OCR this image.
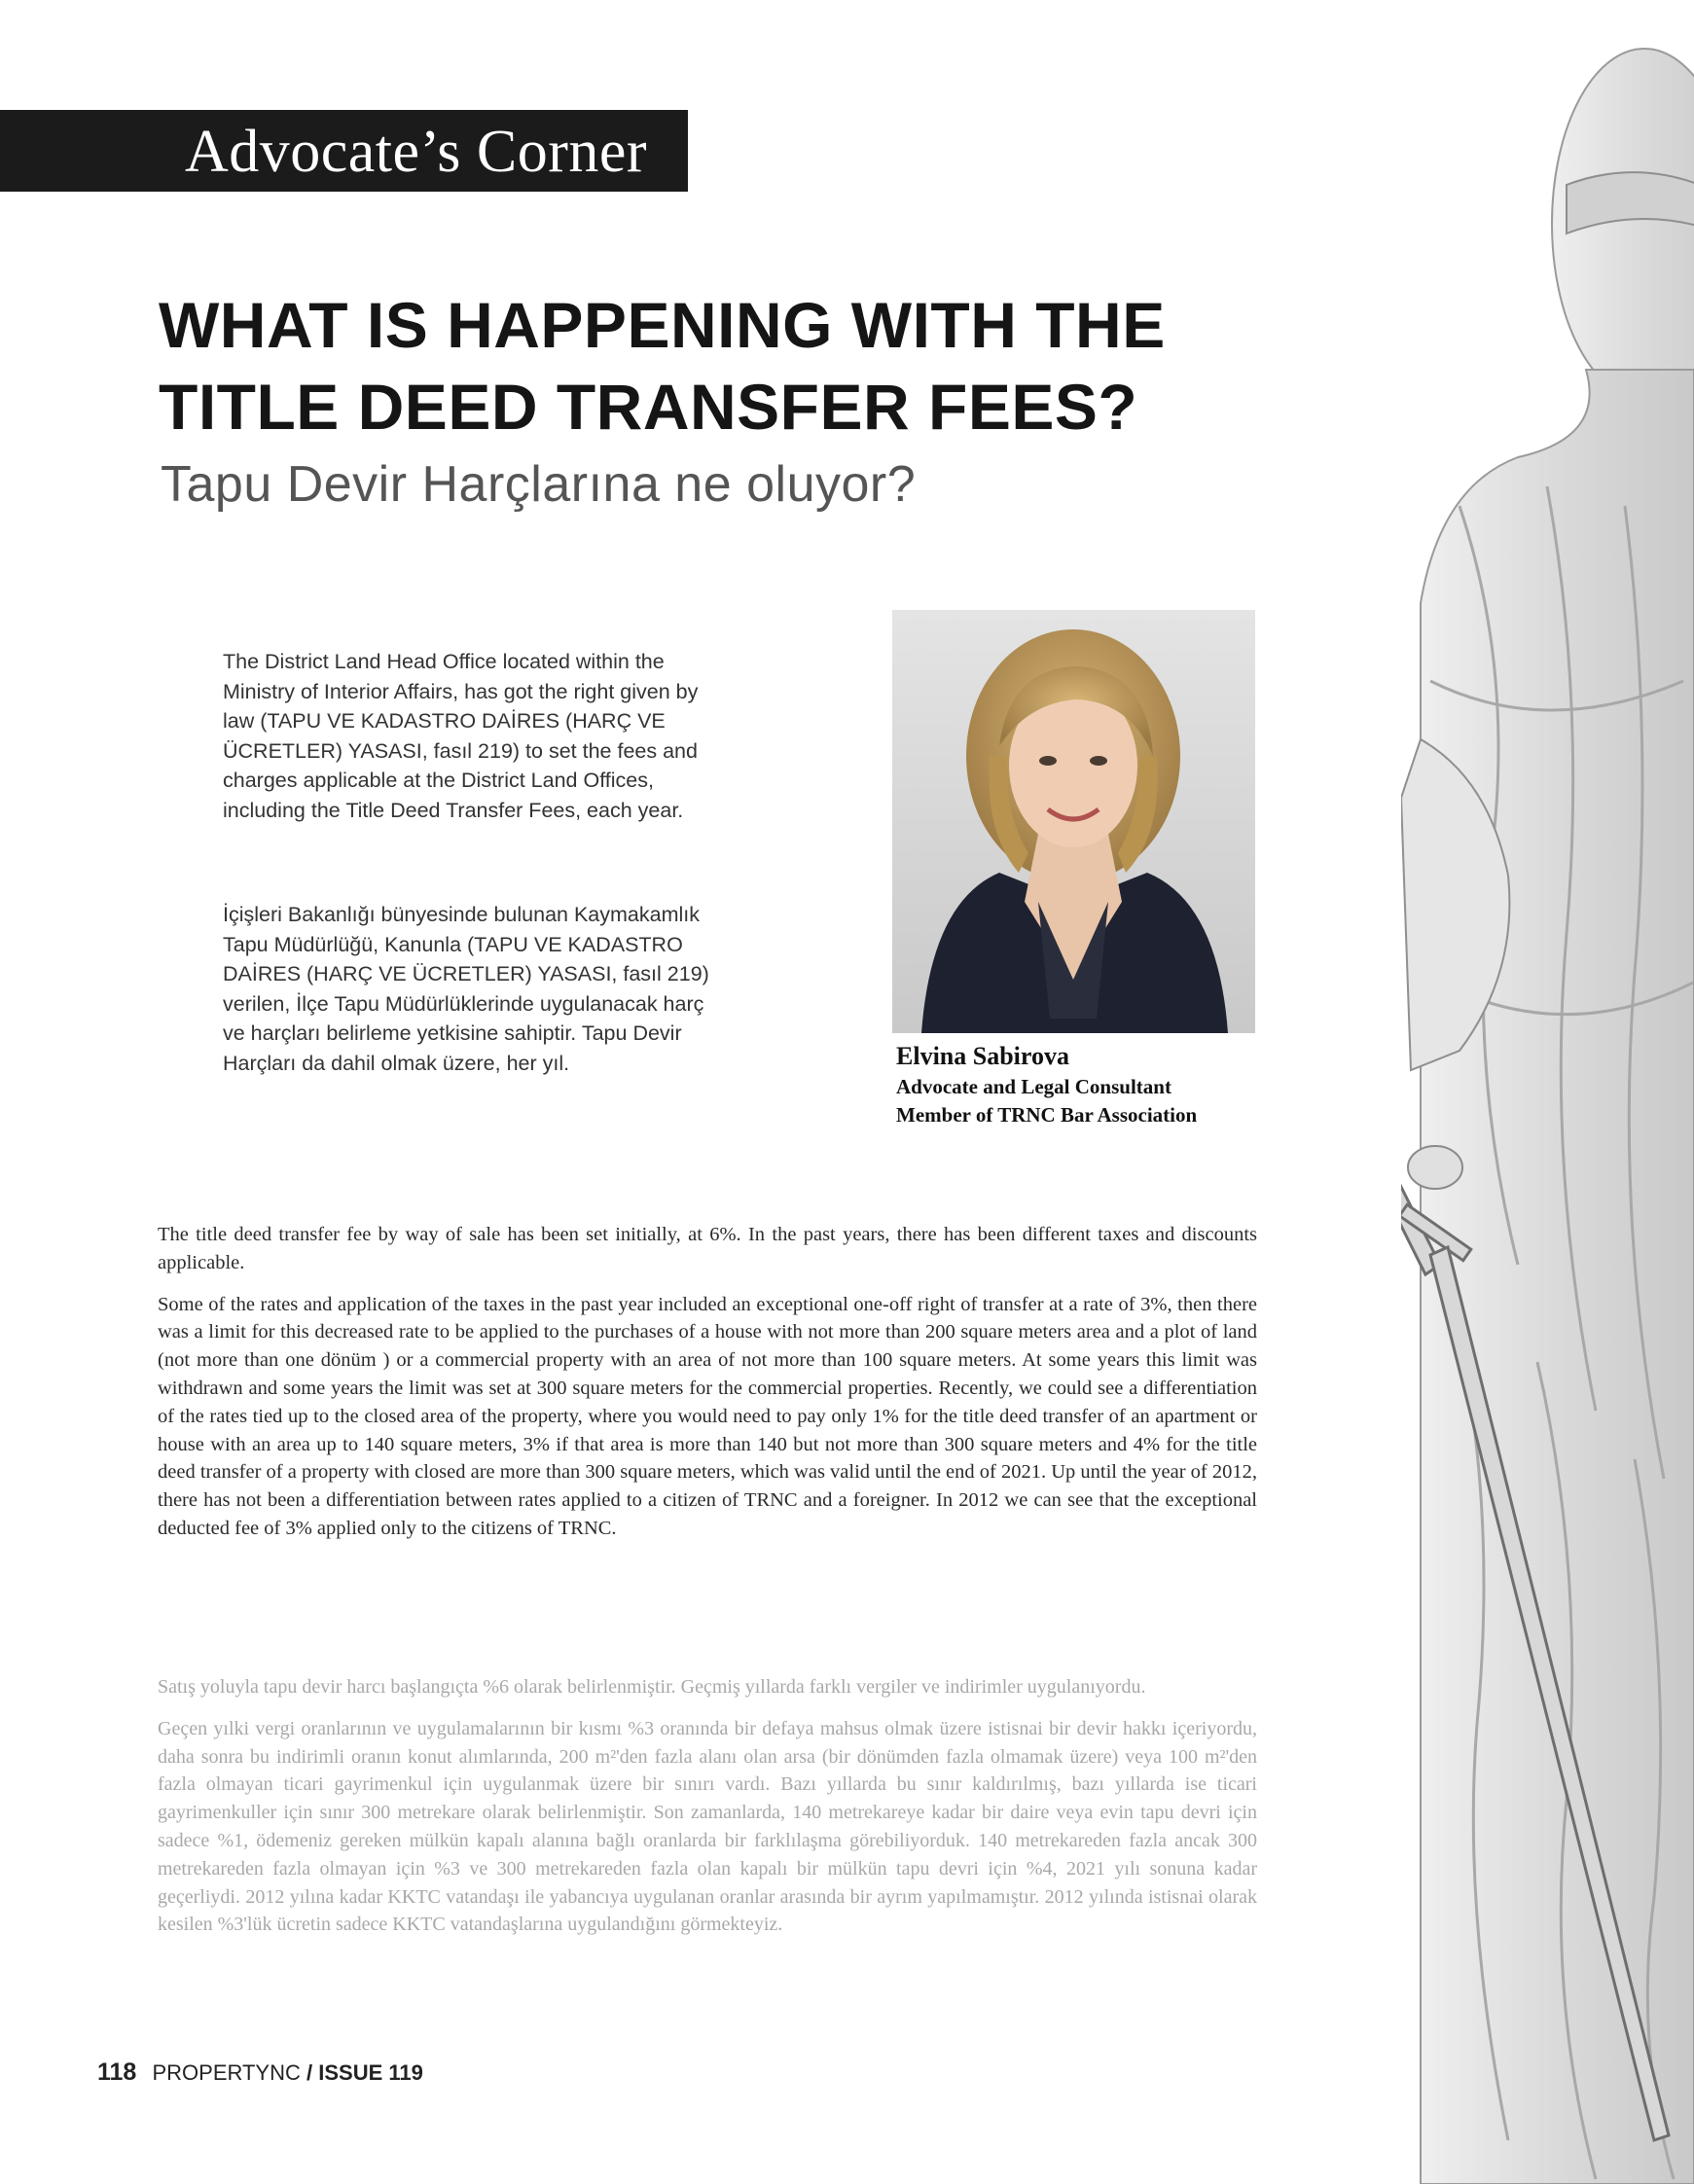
Advocate’s Corner
WHAT IS HAPPENING WITH THE
TITLE DEED TRANSFER FEES?
Tapu Devir Harçlarına ne oluyor?

The District Land Head Office located within the Ministry of Interior Affairs, has got the right given by law (TAPU VE KADASTRO DAİRES (HARÇ VE ÜCRETLER) YASASI, fasıl 219) to set the fees and charges applicable at the District Land Offices, including the Title Deed Transfer Fees, each year.

İçişleri Bakanlığı bünyesinde bulunan Kaymakamlık Tapu Müdürlüğü, Kanunla (TAPU VE KADASTRO DAİRES (HARÇ VE ÜCRETLER) YASASI, fasıl 219) verilen, İlçe Tapu Müdürlüklerinde uygulanacak harç ve harçları belirleme yetkisine sahiptir. Tapu Devir Harçları da dahil olmak üzere, her yıl.	Elvina Sabirova
Advocate and Legal Consultant
Member of TRNC Bar Association

The title deed transfer fee by way of sale has been set initially, at 6%. In the past years, there has been different taxes and discounts applicable.

Some of the rates and application of the taxes in the past year included an exceptional one-off right of transfer at a rate of 3%, then there was a limit for this decreased rate to be applied to the purchases of a house with not more than 200 square meters area and a plot of land (not more than one dönüm ) or a commercial property with an area of not more than 100 square meters. At some years this limit was withdrawn and some years the limit was set at 300 square meters for the commercial properties. Recently, we could see a differentiation of the rates tied up to the closed area of the property, where you would need to pay only 1% for the title deed transfer of an apartment or house with an area up to 140 square meters, 3% if that area is more than 140 but not more than 300 square meters and 4% for the title deed transfer of a property with closed are more than 300 square meters, which was valid until the end of 2021. Up until the year of 2012, there has not been a differentiation between rates applied to a citizen of TRNC and a foreigner. In 2012 we can see that the exceptional deducted fee of 3% applied only to the citizens of TRNC.

Satış yoluyla tapu devir harcı başlangıçta %6 olarak belirlenmiştir. Geçmiş yıllarda farklı vergiler ve indirimler uygulanıyordu.

Geçen yılki vergi oranlarının ve uygulamalarının bir kısmı %3 oranında bir defaya mahsus olmak üzere istisnai bir devir hakkı içeriyordu, daha sonra bu indirimli oranın konut alımlarında, 200 m²'den fazla alanı olan arsa (bir dönümden fazla olmamak üzere) veya 100 m²'den fazla olmayan ticari gayrimenkul için uygulanmak üzere bir sınırı vardı. Bazı yıllarda bu sınır kaldırılmış, bazı yıllarda ise ticari gayrimenkuller için sınır 300 metrekare olarak belirlenmiştir. Son zamanlarda, 140 metrekareye kadar bir daire veya evin tapu devri için sadece %1, ödemeniz gereken mülkün kapalı alanına bağlı oranlarda bir farklılaşma görebiliyorduk. 140 metrekareden fazla ancak 300 metrekareden fazla olmayan için %3 ve 300 metrekareden fazla olan kapalı bir mülkün tapu devri için %4, 2021 yılı sonuna kadar geçerliydi. 2012 yılına kadar KKTC vatandaşı ile yabancıya uygulanan oranlar arasında bir ayrım yapılmamıştır. 2012 yılında istisnai olarak kesilen %3'lük ücretin sadece KKTC vatandaşlarına uygulandığını görmekteyiz.

118 PROPERTYNC / ISSUE 119
